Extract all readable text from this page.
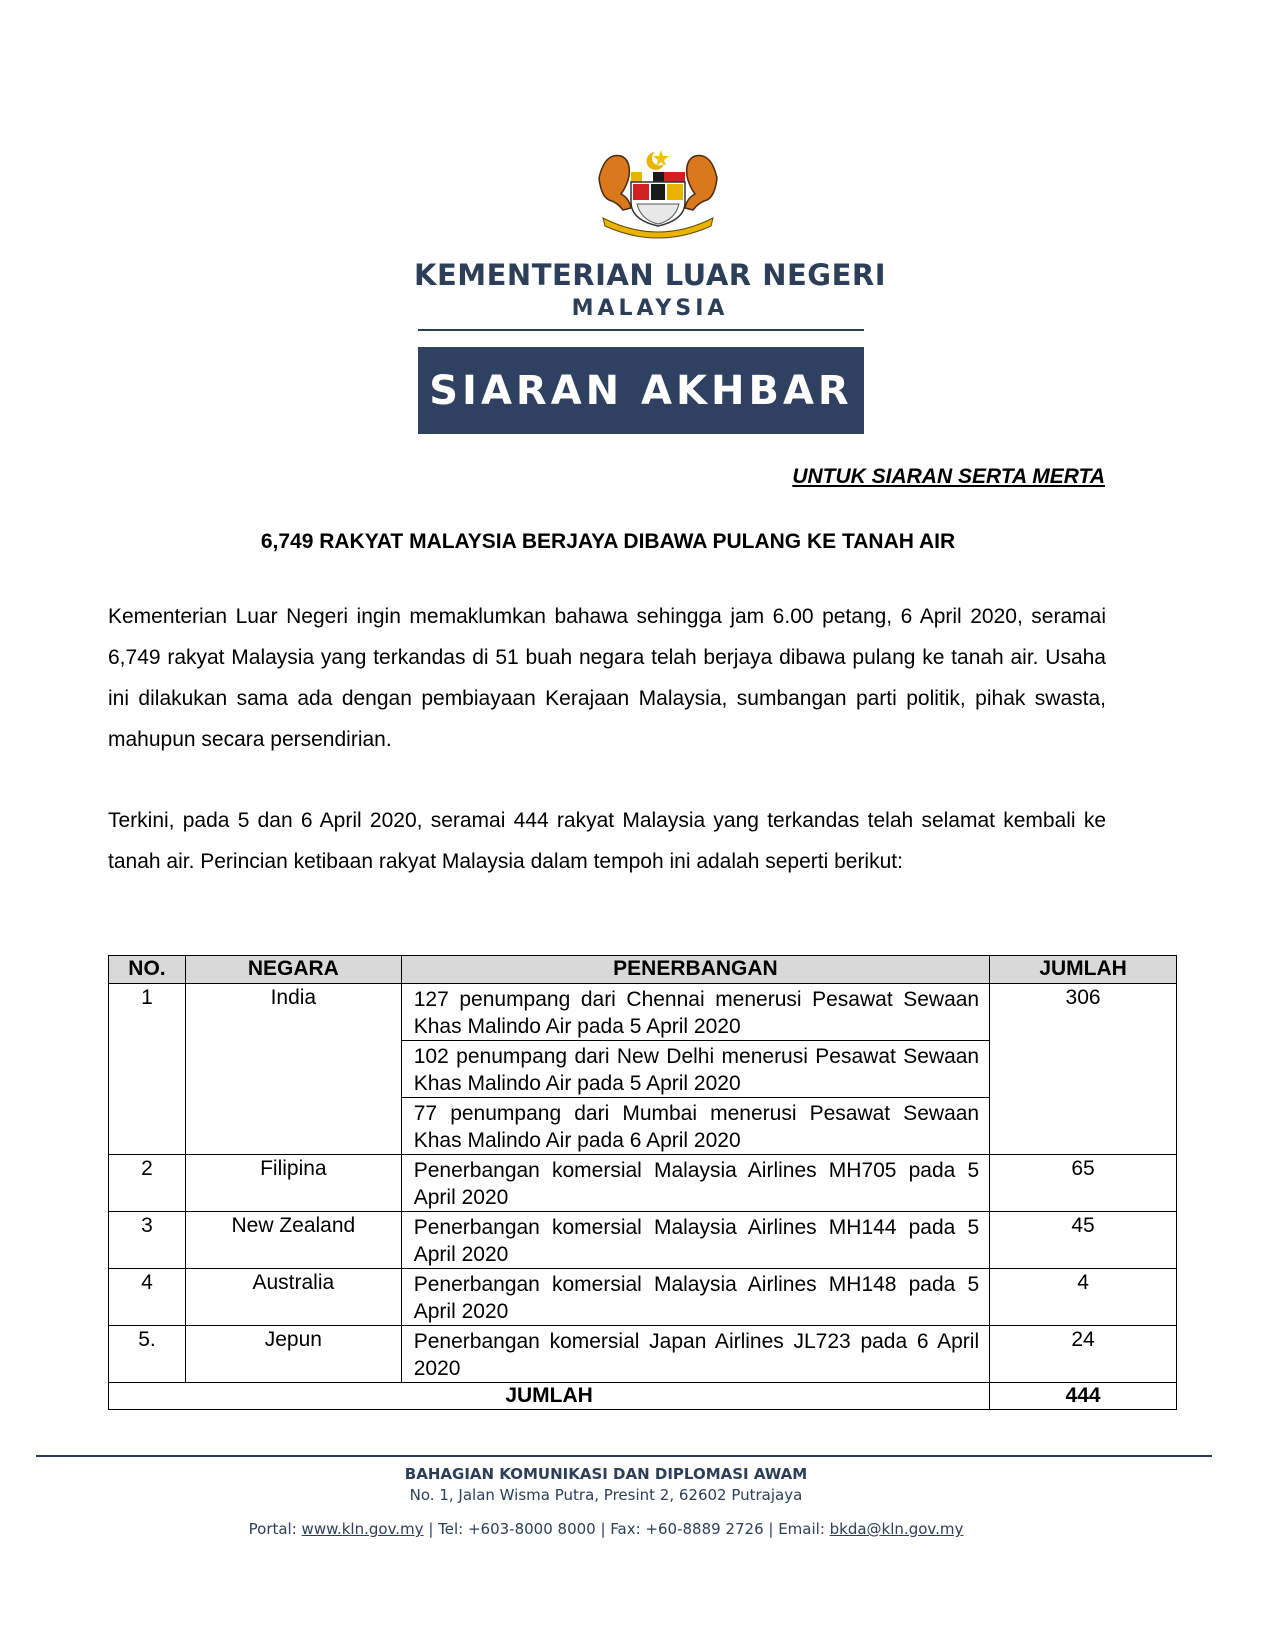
KEMENTERIAN LUAR NEGERI
MALAYSIA
SIARAN AKHBAR
UNTUK SIARAN SERTA MERTA
6,749 RAKYAT MALAYSIA BERJAYA DIBAWA PULANG KE TANAH AIR

Kementerian Luar Negeri ingin memaklumkan bahawa sehingga jam 6.00 petang, 6 April 2020, seramai 6,749 rakyat Malaysia yang terkandas di 51 buah negara telah berjaya dibawa pulang ke tanah air. Usaha ini dilakukan sama ada dengan pembiayaan Kerajaan Malaysia, sumbangan parti politik, pihak swasta, mahupun secara persendirian.

Terkini, pada 5 dan 6 April 2020, seramai 444 rakyat Malaysia yang terkandas telah selamat kembali ke tanah air. Perincian ketibaan rakyat Malaysia dalam tempoh ini adalah seperti berikut:

NO.	NEGARA	PENERBANGAN	JUMLAH
1	India	127 penumpang dari Chennai menerusi Pesawat Sewaan Khas Malindo Air pada 5 April 2020	306
		102 penumpang dari New Delhi menerusi Pesawat Sewaan Khas Malindo Air pada 5 April 2020	
		77 penumpang dari Mumbai menerusi Pesawat Sewaan Khas Malindo Air pada 6 April 2020	
2	Filipina	Penerbangan komersial Malaysia Airlines MH705 pada 5 April 2020	65
3	New Zealand	Penerbangan komersial Malaysia Airlines MH144 pada 5 April 2020	45
4	Australia	Penerbangan komersial Malaysia Airlines MH148 pada 5 April 2020	4
5.	Jepun	Penerbangan komersial Japan Airlines JL723 pada 6 April 2020	24
JUMLAH			444
BAHAGIAN KOMUNIKASI DAN DIPLOMASI AWAM
No. 1, Jalan Wisma Putra, Presint 2, 62602 Putrajaya
Portal: www.kln.gov.my | Tel: +603-8000 8000 | Fax: +60-8889 2726 | Email: bkda@kln.gov.my
